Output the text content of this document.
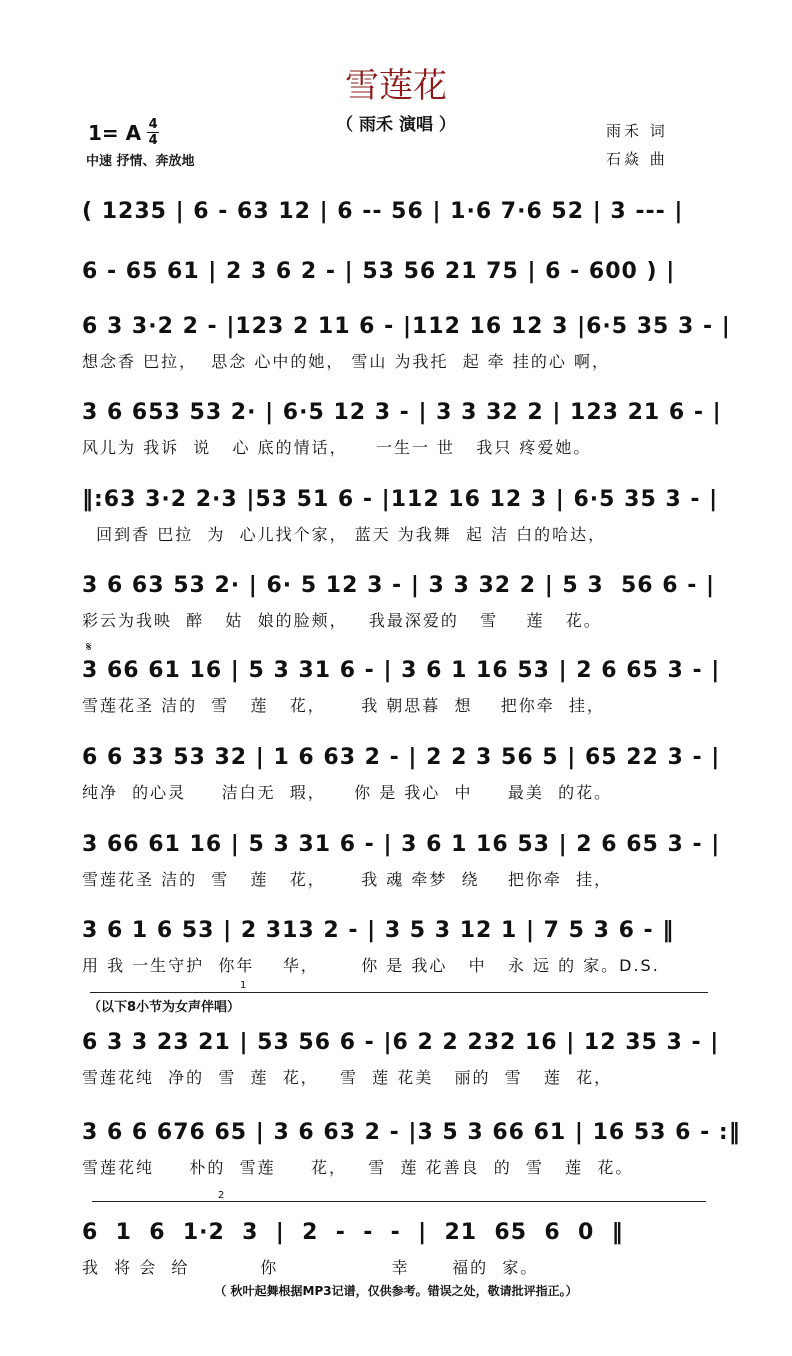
雪莲花
（ 雨禾 演唱 ）
1= A $\frac{4}{4}$
中速 抒情、奔放地
雨禾 词
石焱 曲
( 1235 | 6 - 63 12 | 6 -- 56 | 1·6 7·6 52 | 3 --- |
6 - 65 61 | 2 3 6 2 - | 53 56 21 75 | 6 - 600 ) |
6 3 3·2 2 - |123 2 11 6 - |112 16 12 3 |6·5 35 3 - |
想念香 巴拉，  思念 心中的她， 雪山 为我托  起 牵 挂的心 啊，
3 6 653 53 2· | 6·5 12 3 - | 3 3 32 2 | 123 21 6 - |
风儿为 我诉  说   心 底的情话，    一生一 世   我只 疼爱她。
‖:63 3·2 2·3 |53 51 6 - |112 16 12 3 | 6·5 35 3 - |
回到香 巴拉  为  心儿找个家， 蓝天 为我舞  起 洁 白的哈达，
3 6 63 53 2· | 6· 5 12 3 - | 3 3 32 2 | 5 3  56 6 - |
彩云为我映  醉   姑  娘的脸颊，   我最深爱的   雪    莲   花。
𝄋
3 66 61 16 | 5 3 31 6 - | 3 6 1 16 53 | 2 6 65 3 - |
雪莲花圣 洁的  雪   莲   花，     我 朝思暮  想    把你牵  挂，
6 6 33 53 32 | 1 6 63 2 - | 2 2 3 56 5 | 65 22 3 - |
纯净  的心灵     洁白无  瑕，    你 是 我心  中     最美  的花。
3 66 61 16 | 5 3 31 6 - | 3 6 1 16 53 | 2 6 65 3 - |
雪莲花圣 洁的  雪   莲   花，     我 魂 牵梦  绕    把你牵  挂，
3 6 1 6 53 | 2 313 2 - | 3 5 3 12 1 | 7 5 3 6 - ‖
用 我 一生守护  你年    华，      你 是 我心   中   永 远 的 家。D.S.
1
（以下8小节为女声伴唱）
6 3 3 23 21 | 53 56 6 - |6 2 2 232 16 | 12 35 3 - |
雪莲花纯  净的  雪  莲  花，   雪  莲 花美   丽的  雪   莲  花，
3 6 6 676 65 | 3 6 63 2 - |3 5 3 66 61 | 16 53 6 - :‖
雪莲花纯     朴的  雪莲     花，   雪  莲 花善良  的  雪   莲  花。
2
6  1  6  1·2  3  |  2  -  -  -  |  21  65  6  0  ‖
我  将 会  给          你                幸      福的  家。
（ 秋叶起舞根据MP3记谱，仅供参考。错误之处，敬请批评指正。）
